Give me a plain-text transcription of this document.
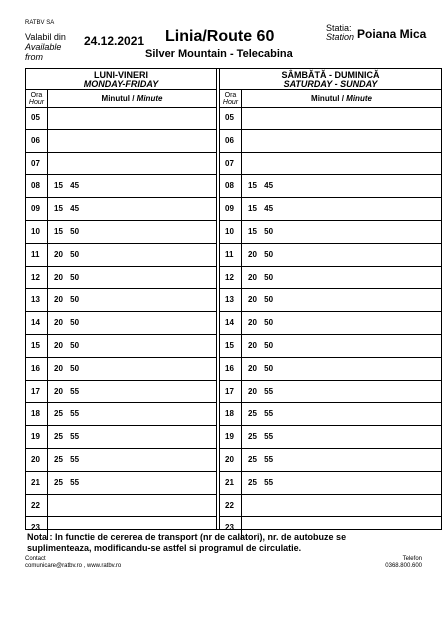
RATBV SA
Valabil din
Available
from
24.12.2021 Linia/Route 60
Silver Mountain - Telecabina
Statia:
Station Poiana Mica
LUNI-VINERI
MONDAY-FRIDAY
Ora
Hour	Minutul / Minute
05
06
07
08	15 45
09	15 45
10	15 50
11	20 50
12	20 50
13	20 50
14	20 50
15	20 50
16	20 50
17	20 55
18	25 55
19	25 55
20	25 55
21	25 55
22
23
SÂMBĂTĂ - DUMINICĂ
SATURDAY - SUNDAY
Ora
Hour	Minutul / Minute
05
06
07
08	15 45
09	15 45
10	15 50
11	20 50
12	20 50
13	20 50
14	20 50
15	20 50
16	20 50
17	20 55
18	25 55
19	25 55
20	25 55
21	25 55
22
23
Nota : In functie de cererea de transport (nr de calatori), nr. de autobuze se suplimenteaza, modificandu-se astfel si programul de circulatie.
Contact
comunicare@ratbv.ro , www.ratbv.ro
Telefon
0368.800.600
